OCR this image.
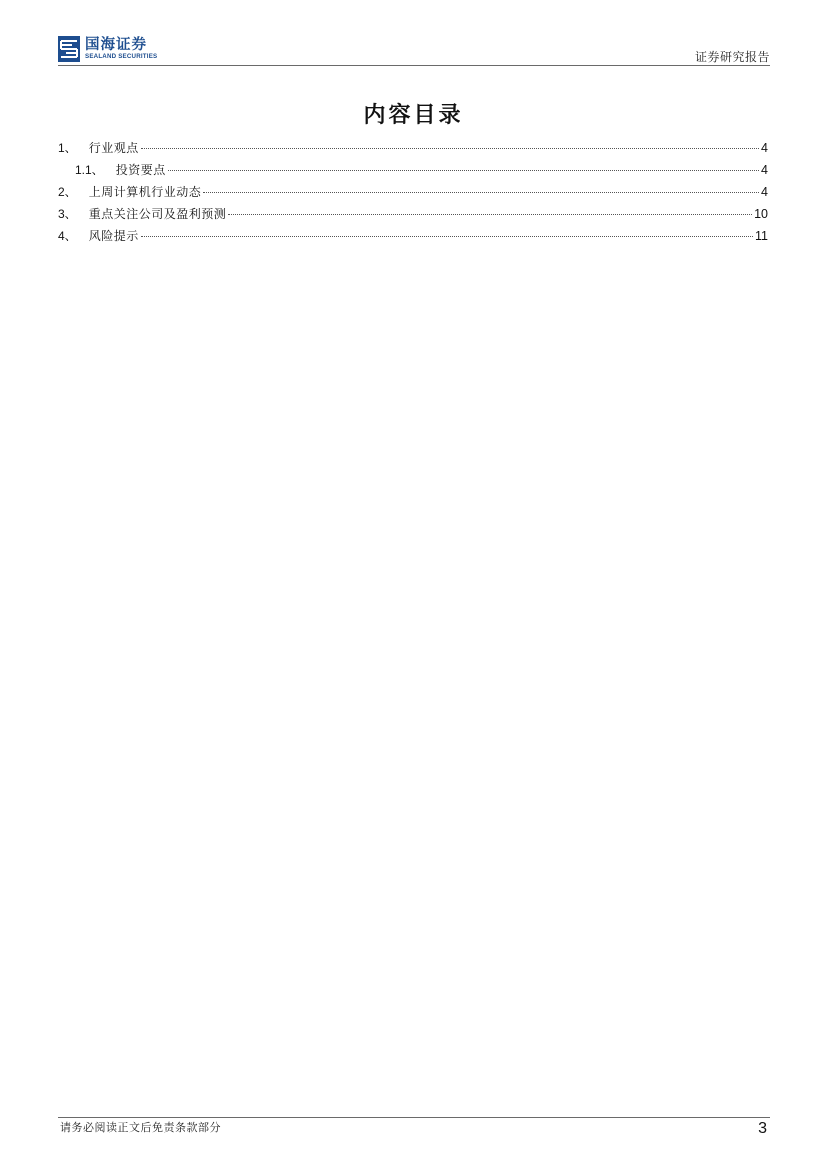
国海证券
SEALAND SECURITIES	证券研究报告
内容目录
1、 行业观点	4
1.1、 投资要点	4
2、 上周计算机行业动态	4
3、 重点关注公司及盈利预测	10
4、 风险提示	11
请务必阅读正文后免责条款部分	3
